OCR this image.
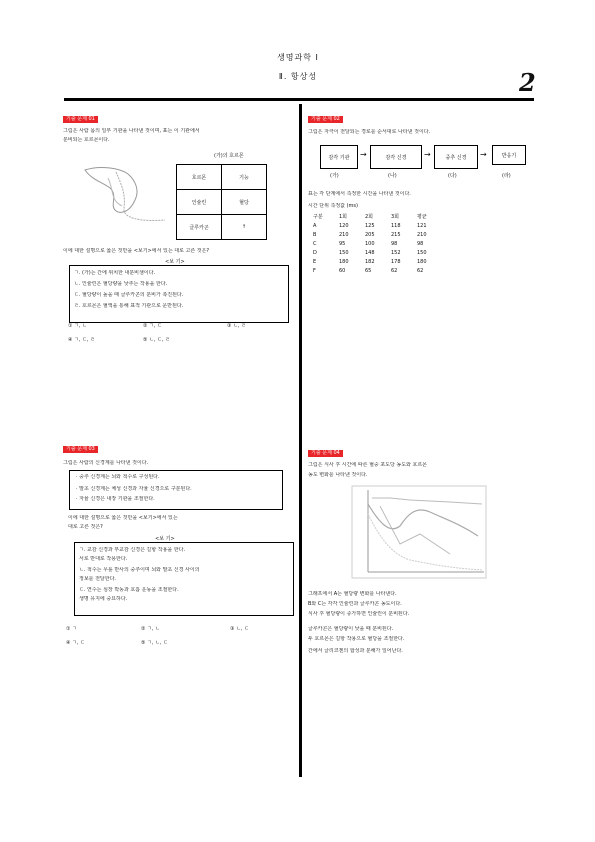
생명과학 Ⅰ
Ⅱ. 항상성	2
기출 문제 01
그림은 사람 몸의 일부 기관을 나타낸 것이며, 표는 이 기관에서
분비되는 호르몬이다.
(가)의 호르몬
호르몬	기능
인슐린	혈당
글루카곤	↑
이에 대한 설명으로 옳은 것만을 <보기>에서 있는 대로 고른 것은?
<보 기>
ㄱ. (가)는 간에 위치한 내분비샘이다.
ㄴ. 인슐린은 혈당량을 낮추는 작용을 한다.
ㄷ. 혈당량이 높을 때 글루카곤의 분비가 촉진된다.
ㄹ. 호르몬은 혈액을 통해 표적 기관으로 운반된다.
① ㄱ, ㄴ	② ㄱ, ㄷ	③ ㄴ, ㄹ
④ ㄱ, ㄷ, ㄹ	⑤ ㄴ, ㄷ, ㄹ
기출 문제 02
그림은 자극이 전달되는 경로를 순서대로 나타낸 것이다.
감각 기관	→	감각 신경	→	중추 신경	→	반응기
(가)	(나)	(다)	(라)
표는 각 단계에서 측정한 시간을 나타낸 것이다.
시간 단위 측정값 (ms)
구분	1회	2회	3회	평균
A	120	125	118	121
B	210	205	215	210
C	95	100	98	98
D	150	148	152	150
E	180	182	178	180
F	60	65	62	62
기출 문제 03
그림은 사람의 신경계를 나타낸 것이다.
· 중추 신경계는 뇌와 척수로 구성된다.
· 말초 신경계는 체성 신경과 자율 신경으로 구분된다.
· 자율 신경은 내장 기관을 조절한다.
이에 대한 설명으로 옳은 것만을 <보기>에서 있는
대로 고른 것은?
<보 기>
ㄱ. 교감 신경과 부교감 신경은 길항 작용을 한다.
서로 반대로 작용한다.
ㄴ. 척수는 무릎 반사의 중추이며 뇌와 말초 신경 사이의
정보를 전달한다.
ㄷ. 연수는 심장 박동과 호흡 운동을 조절한다.
생명 유지에 중요하다.
① ㄱ	② ㄱ, ㄴ	③ ㄴ, ㄷ
④ ㄱ, ㄷ	⑤ ㄱ, ㄴ, ㄷ
기출 문제 04
그림은 식사 후 시간에 따른 혈중 포도당 농도와 호르몬
농도 변화를 나타낸 것이다.
그래프에서 A는 혈당량 변화를 나타낸다.
B와 C는 각각 인슐린과 글루카곤 농도이다.
식사 후 혈당량이 증가하면 인슐린이 분비된다.
글루카곤은 혈당량이 낮을 때 분비된다.
두 호르몬은 길항 작용으로 혈당을 조절한다.
간에서 글리코젠의 합성과 분해가 일어난다.
